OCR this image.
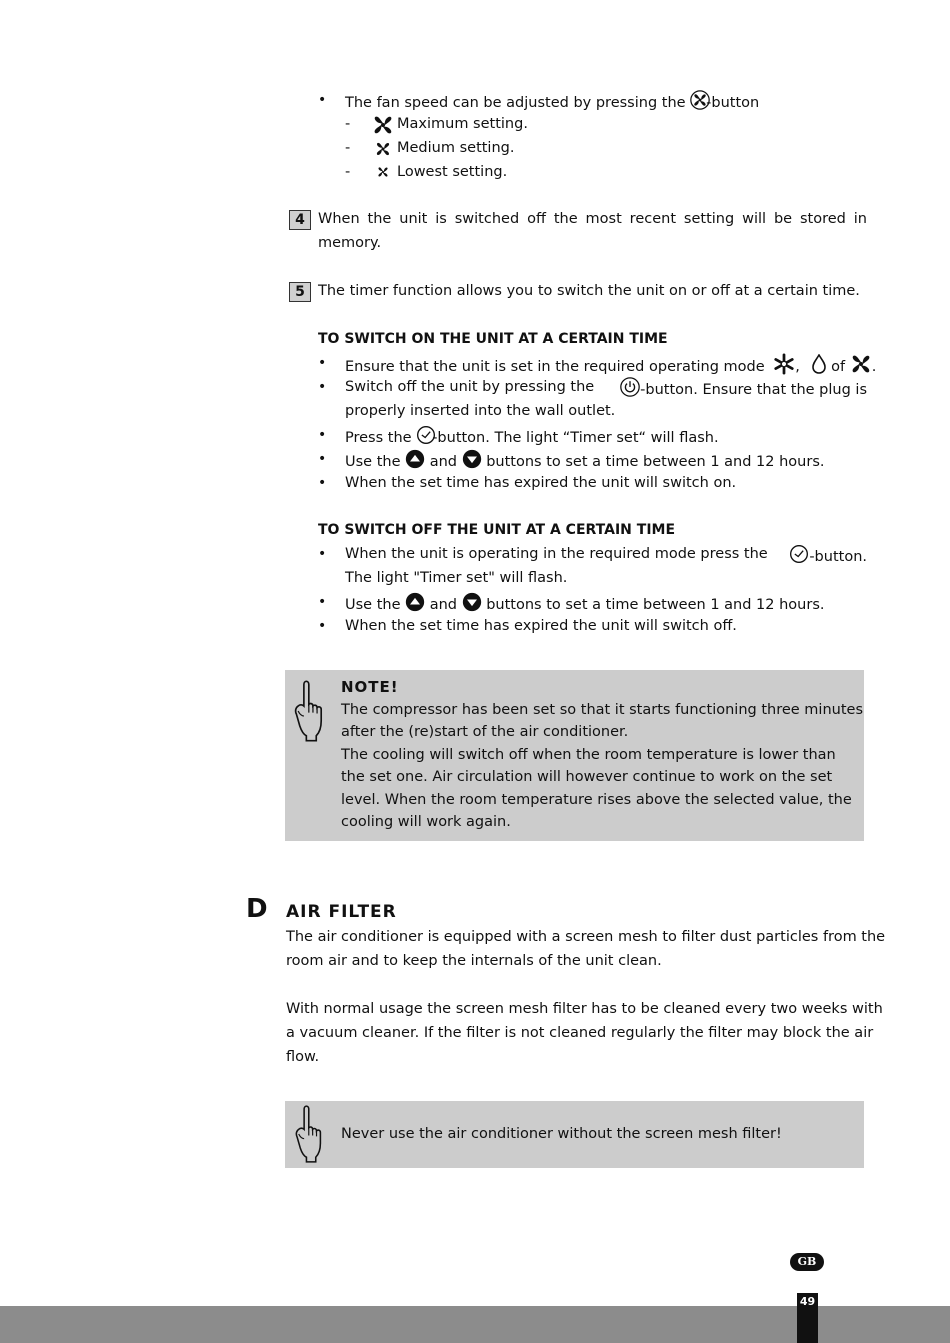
• The fan speed can be adjusted by pressing the -button
-	Maximum setting.
-	Medium setting.
-	Lowest setting.
4 When the unit is switched off the most recent setting will be stored in
memory.
5 The timer function allows you to switch the unit on or off at a certain time.
TO SWITCH ON THE UNIT AT A CERTAIN TIME
• Ensure that the unit is set in the required operating mode , of .
• Switch off the unit by pressing the	-button. Ensure that the plug is
properly inserted into the wall outlet.
• Press the -button. The light “Timer set“ will flash.
• Use the and buttons to set a time between 1 and 12 hours.
• When the set time has expired the unit will switch on.
TO SWITCH OFF THE UNIT AT A CERTAIN TIME
• When the unit is operating in the required mode press the	-button.
The light "Timer set" will flash.
• Use the and buttons to set a time between 1 and 12 hours.
• When the set time has expired the unit will switch off.
NOTE!
The compressor has been set so that it starts functioning three minutes
after the (re)start of the air conditioner.
The cooling will switch off when the room temperature is lower than
the set one. Air circulation will however continue to work on the set
level. When the room temperature rises above the selected value, the
cooling will work again.
D AIR FILTER
The air conditioner is equipped with a screen mesh to filter dust particles from the
room air and to keep the internals of the unit clean.
With normal usage the screen mesh filter has to be cleaned every two weeks with
a vacuum cleaner. If the filter is not cleaned regularly the filter may block the air
flow.
Never use the air conditioner without the screen mesh filter!
GB
49
